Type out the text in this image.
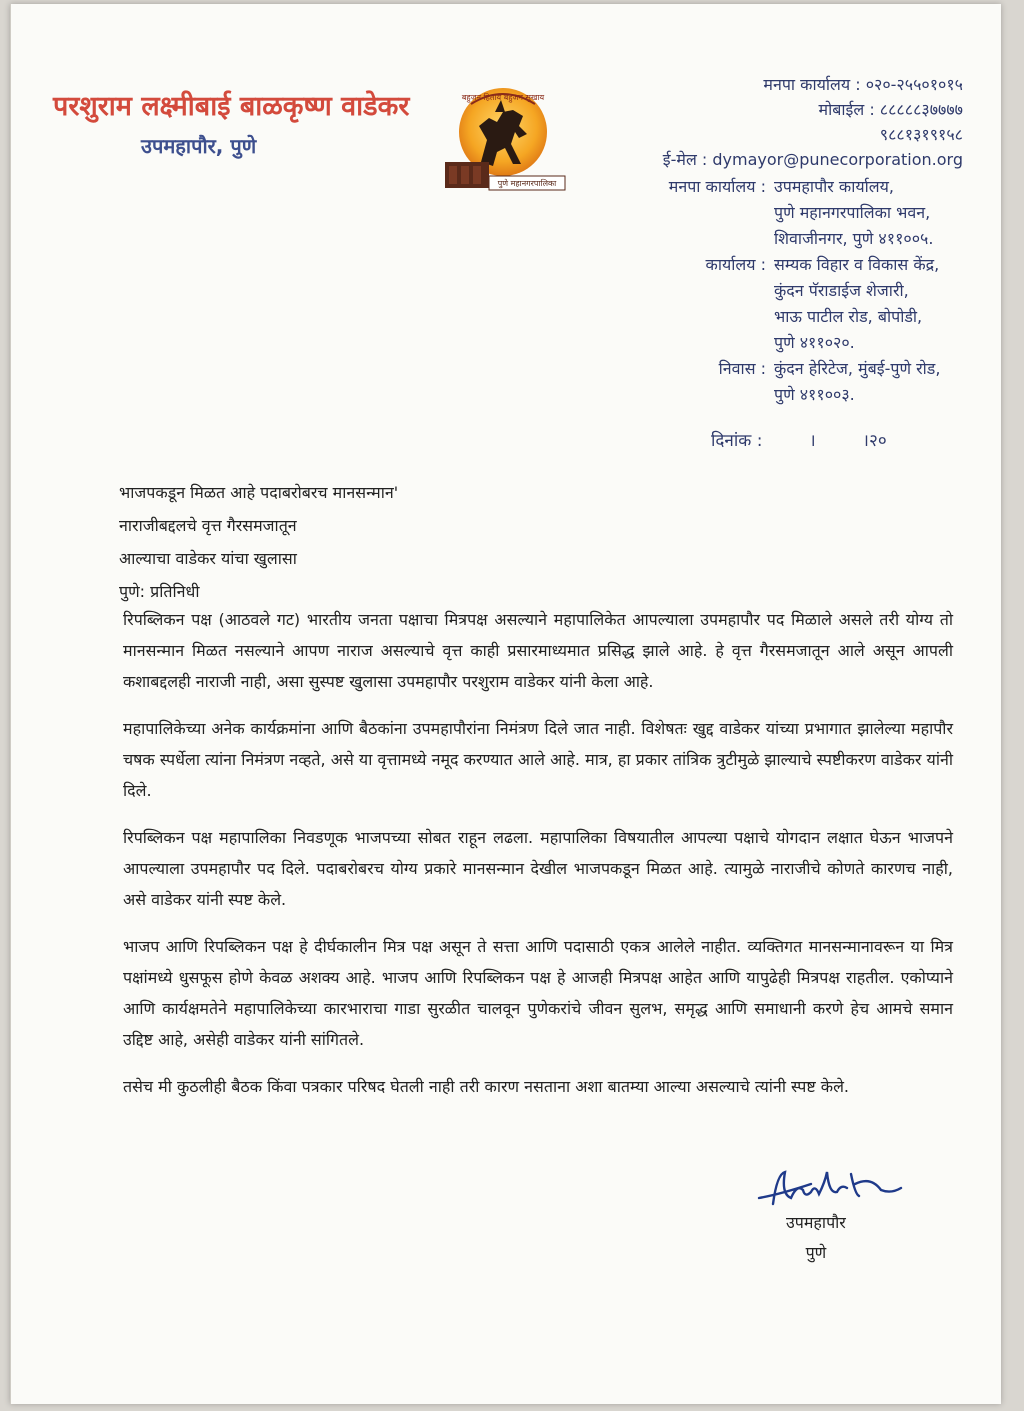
परशुराम लक्ष्मीबाई बाळकृष्ण वाडेकर
उपमहापौर, पुणे
बहुजन हिताय बहुजन सुखाय
पुणे महानगरपालिका
मनपा कार्यालय : ०२०-२५५०१०१५
मोबाईल : ८८८८८३७७७७
९८८१३१९१५८
ई-मेल : dymayor@punecorporation.org
मनपा कार्यालय : उपमहापौर कार्यालय,
पुणे महानगरपालिका भवन,
शिवाजीनगर, पुणे ४११००५.
कार्यालय : सम्यक विहार व विकास केंद्र,
कुंदन पॅराडाईज शेजारी,
भाऊ पाटील रोड, बोपोडी,
पुणे ४११०२०.
निवास : कुंदन हेरिटेज, मुंबई-पुणे रोड,
पुणे ४११००३.
दिनांक :	।	।२०
भाजपकडून मिळत आहे पदाबरोबरच मानसन्मान'
नाराजीबद्दलचे वृत्त गैरसमजातून
आल्याचा वाडेकर यांचा खुलासा
पुणे: प्रतिनिधी

रिपब्लिकन पक्ष (आठवले गट) भारतीय जनता पक्षाचा मित्रपक्ष असल्याने महापालिकेत आपल्याला उपमहापौर पद मिळाले असले तरी योग्य तो मानसन्मान मिळत नसल्याने आपण नाराज असल्याचे वृत्त काही प्रसारमाध्यमात प्रसिद्ध झाले आहे. हे वृत्त गैरसमजातून आले असून आपली कशाबद्दलही नाराजी नाही, असा सुस्पष्ट खुलासा उपमहापौर परशुराम वाडेकर यांनी केला आहे.

महापालिकेच्या अनेक कार्यक्रमांना आणि बैठकांना उपमहापौरांना निमंत्रण दिले जात नाही. विशेषतः खुद्द वाडेकर यांच्या प्रभागात झालेल्या महापौर चषक स्पर्धेला त्यांना निमंत्रण नव्हते, असे या वृत्तामध्ये नमूद करण्यात आले आहे. मात्र, हा प्रकार तांत्रिक त्रुटीमुळे झाल्याचे स्पष्टीकरण वाडेकर यांनी दिले.

रिपब्लिकन पक्ष महापालिका निवडणूक भाजपच्या सोबत राहून लढला. महापालिका विषयातील आपल्या पक्षाचे योगदान लक्षात घेऊन भाजपने आपल्याला उपमहापौर पद दिले. पदाबरोबरच योग्य प्रकारे मानसन्मान देखील भाजपकडून मिळत आहे. त्यामुळे नाराजीचे कोणते कारणच नाही, असे वाडेकर यांनी स्पष्ट केले.

भाजप आणि रिपब्लिकन पक्ष हे दीर्घकालीन मित्र पक्ष असून ते सत्ता आणि पदासाठी एकत्र आलेले नाहीत. व्यक्तिगत मानसन्मानावरून या मित्र पक्षांमध्ये धुसफूस होणे केवळ अशक्य आहे. भाजप आणि रिपब्लिकन पक्ष हे आजही मित्रपक्ष आहेत आणि यापुढेही मित्रपक्ष राहतील. एकोप्याने आणि कार्यक्षमतेने महापालिकेच्या कारभाराचा गाडा सुरळीत चालवून पुणेकरांचे जीवन सुलभ, समृद्ध आणि समाधानी करणे हेच आमचे समान उद्दिष्ट आहे, असेही वाडेकर यांनी सांगितले.

तसेच मी कुठलीही बैठक किंवा पत्रकार परिषद घेतली नाही तरी कारण नसताना अशा बातम्या आल्या असल्याचे त्यांनी स्पष्ट केले.

उपमहापौर
पुणे
